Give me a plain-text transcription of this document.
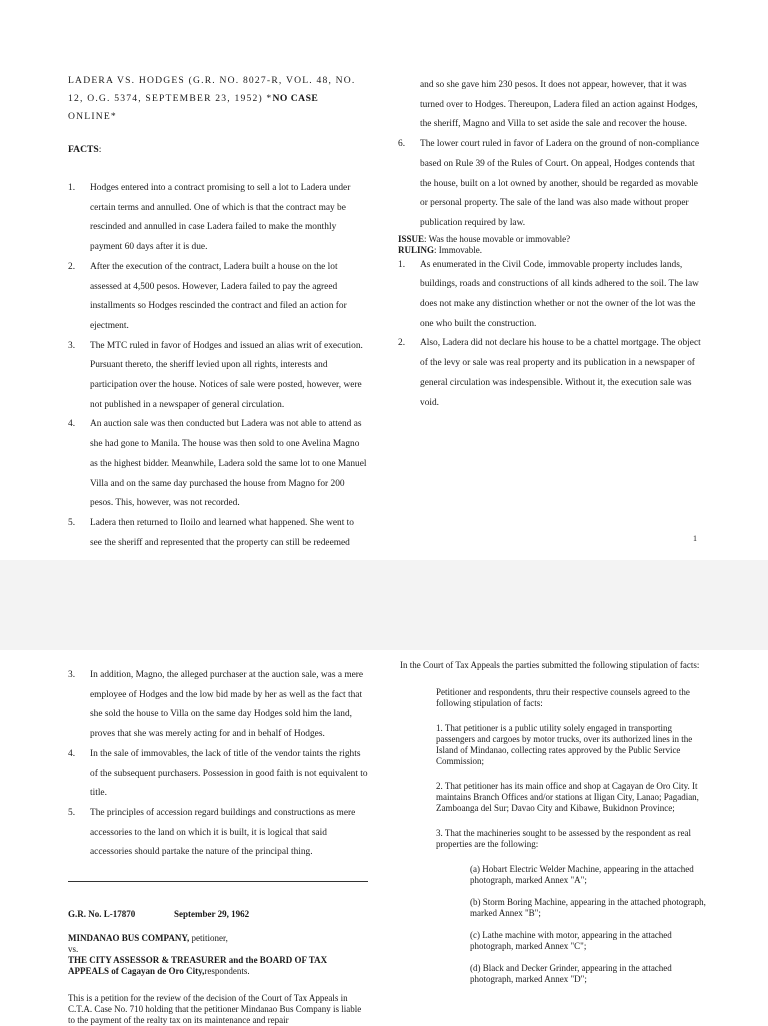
LADERA VS. HODGES (G.R. NO. 8027-R, VOL. 48, NO. 12, O.G. 5374, SEPTEMBER 23, 1952) *NO CASE ONLINE*

FACTS:

1. Hodges entered into a contract promising to sell a lot to Ladera under certain terms and annulled. One of which is that the contract may be rescinded and annulled in case Ladera failed to make the monthly payment 60 days after it is due.
2. After the execution of the contract, Ladera built a house on the lot assessed at 4,500 pesos. However, Ladera failed to pay the agreed installments so Hodges rescinded the contract and filed an action for ejectment.
3. The MTC ruled in favor of Hodges and issued an alias writ of execution. Pursuant thereto, the sheriff levied upon all rights, interests and participation over the house. Notices of sale were posted, however, were not published in a newspaper of general circulation.
4. An auction sale was then conducted but Ladera was not able to attend as she had gone to Manila. The house was then sold to one Avelina Magno as the highest bidder. Meanwhile, Ladera sold the same lot to one Manuel Villa and on the same day purchased the house from Magno for 200 pesos. This, however, was not recorded.
5. Ladera then returned to Iloilo and learned what happened. She went to see the sheriff and represented that the property can still be redeemed
and so she gave him 230 pesos. It does not appear, however, that it was turned over to Hodges. Thereupon, Ladera filed an action against Hodges, the sheriff, Magno and Villa to set aside the sale and recover the house.
6. The lower court ruled in favor of Ladera on the ground of non-compliance based on Rule 39 of the Rules of Court. On appeal, Hodges contends that the house, built on a lot owned by another, should be regarded as movable or personal property. The sale of the land was also made without proper publication required by law.

ISSUE: Was the house movable or immovable?

RULING: Immovable.

1. As enumerated in the Civil Code, immovable property includes lands, buildings, roads and constructions of all kinds adhered to the soil. The law does not make any distinction whether or not the owner of the lot was the one who built the construction.
2. Also, Ladera did not declare his house to be a chattel mortgage. The object of the levy or sale was real property and its publication in a newspaper of general circulation was indespensible. Without it, the execution sale was void.
1
3. In addition, Magno, the alleged purchaser at the auction sale, was a mere employee of Hodges and the low bid made by her as well as the fact that she sold the house to Villa on the same day Hodges sold him the land, proves that she was merely acting for and in behalf of Hodges.
4. In the sale of immovables, the lack of title of the vendor taints the rights of the subsequent purchasers. Possession in good faith is not equivalent to title.
5. The principles of accession regard buildings and constructions as mere accessories to the land on which it is built, it is logical that said accessories should partake the nature of the principal thing.
G.R. No. L-17870	September 29, 1962
MINDANAO BUS COMPANY, petitioner,
vs.
THE CITY ASSESSOR & TREASURER and the BOARD OF TAX APPEALS of Cagayan de Oro City,respondents.
This is a petition for the review of the decision of the Court of Tax Appeals in C.T.A. Case No. 710 holding that the petitioner Mindanao Bus Company is liable to the payment of the realty tax on its maintenance and repair

In the Court of Tax Appeals the parties submitted the following stipulation of facts:

Petitioner and respondents, thru their respective counsels agreed to the following stipulation of facts:

1. That petitioner is a public utility solely engaged in transporting passengers and cargoes by motor trucks, over its authorized lines in the Island of Mindanao, collecting rates approved by the Public Service Commission;

2. That petitioner has its main office and shop at Cagayan de Oro City. It maintains Branch Offices and/or stations at Iligan City, Lanao; Pagadian, Zamboanga del Sur; Davao City and Kibawe, Bukidnon Province;

3. That the machineries sought to be assessed by the respondent as real properties are the following:

(a) Hobart Electric Welder Machine, appearing in the attached photograph, marked Annex "A";

(b) Storm Boring Machine, appearing in the attached photograph, marked Annex "B";

(c) Lathe machine with motor, appearing in the attached photograph, marked Annex "C";

(d) Black and Decker Grinder, appearing in the attached photograph, marked Annex "D";
